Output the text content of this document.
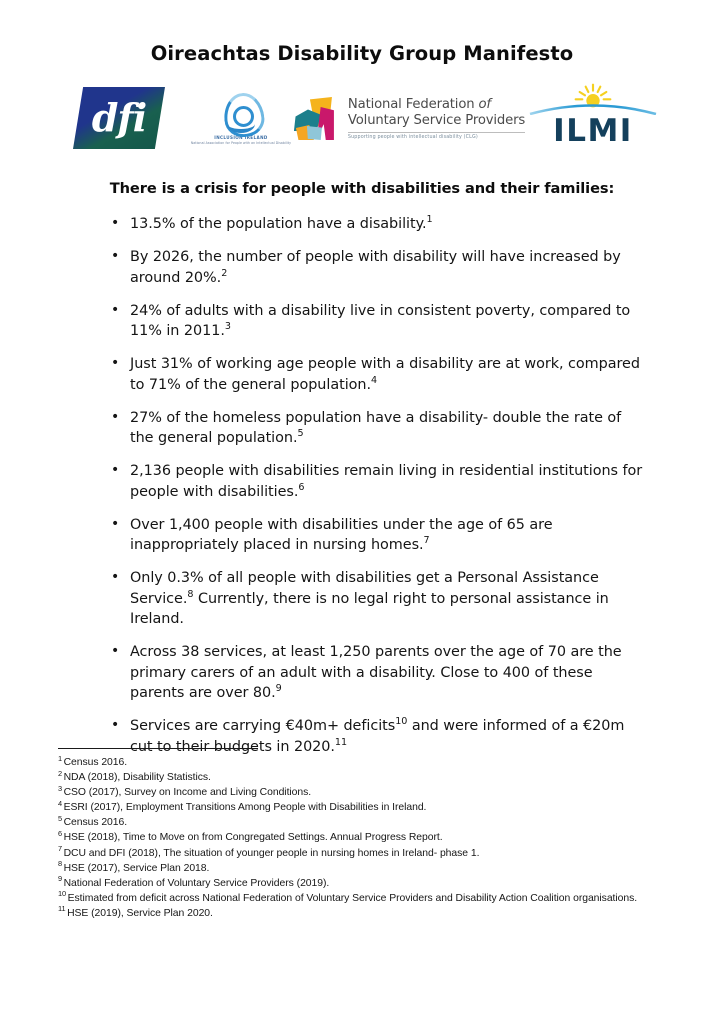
Oireachtas Disability Group Manifesto
dfi	INCLUSION IRELAND
National Association for People with an Intellectual Disability
National Federation of
Voluntary Service Providers
Supporting people with intellectual disability (CLG)	ILMI
There is a crisis for people with disabilities and their families:
• 13.5% of the population have a disability.$^1$
• By 2026, the number of people with disability will have increased by around 20%.$^2$
• 24% of adults with a disability live in consistent poverty, compared to 11% in 2011.$^3$
• Just 31% of working age people with a disability are at work, compared to 71% of the general population.$^4$
• 27% of the homeless population have a disability- double the rate of the general population.$^5$
• 2,136 people with disabilities remain living in residential institutions for people with disabilities.$^6$
• Over 1,400 people with disabilities under the age of 65 are inappropriately placed in nursing homes.$^7$
• Only 0.3% of all people with disabilities get a Personal Assistance Service.$^8$ Currently, there is no legal right to personal assistance in Ireland.
• Across 38 services, at least 1,250 parents over the age of 70 are the primary carers of an adult with a disability. Close to 400 of these parents are over 80.$^9$
• Services are carrying €40m+ deficits$^{10}$ and were informed of a €20m cut to their budgets in 2020.11
$^1$ Census 2016.
$^2$ NDA (2018), Disability Statistics.
$^3$ CSO (2017), Survey on Income and Living Conditions.
$^4$ ESRI (2017), Employment Transitions Among People with Disabilities in Ireland.
$^5$ Census 2016.
$^6$ HSE (2018), Time to Move on from Congregated Settings. Annual Progress Report.
$^7$ DCU and DFI (2018), The situation of younger people in nursing homes in Ireland- phase 1.
$^8$ HSE (2017), Service Plan 2018.
$^9$ National Federation of Voluntary Service Providers (2019).
$^{10}$ Estimated from deficit across National Federation of Voluntary Service Providers and Disability Action Coalition organisations.
$^{11}$ HSE (2019), Service Plan 2020.
